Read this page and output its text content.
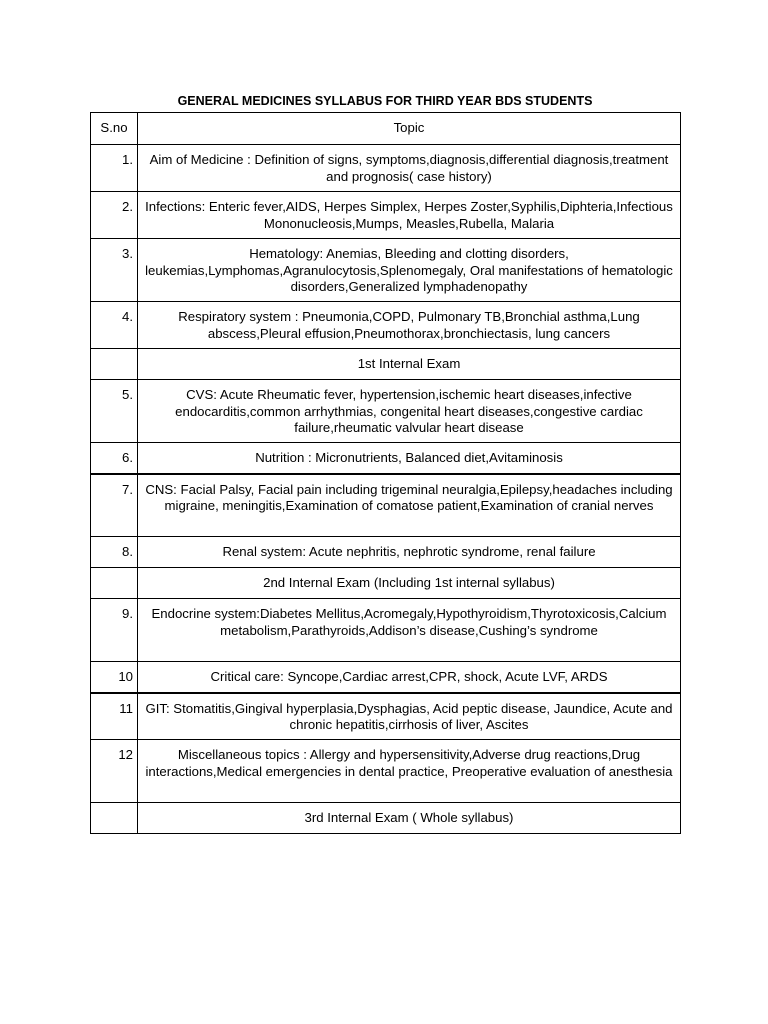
GENERAL MEDICINES SYLLABUS FOR THIRD YEAR BDS STUDENTS
S.no	Topic
1.	Aim of Medicine : Definition of signs, symptoms,diagnosis,differential diagnosis,treatment and prognosis( case history)
2.	Infections: Enteric fever,AIDS, Herpes Simplex, Herpes Zoster,Syphilis,Diphteria,Infectious Mononucleosis,Mumps, Measles,Rubella, Malaria
3.	Hematology: Anemias, Bleeding and clotting disorders, leukemias,Lymphomas,Agranulocytosis,Splenomegaly, Oral manifestations of hematologic disorders,Generalized lymphadenopathy
4.	Respiratory system : Pneumonia,COPD, Pulmonary TB,Bronchial asthma,Lung abscess,Pleural effusion,Pneumothorax,bronchiectasis, lung cancers
	1st Internal Exam
5.	CVS: Acute Rheumatic fever, hypertension,ischemic heart diseases,infective endocarditis,common arrhythmias, congenital heart diseases,congestive cardiac failure,rheumatic valvular heart disease
6.	Nutrition : Micronutrients, Balanced diet,Avitaminosis
7.	CNS: Facial Palsy, Facial pain including trigeminal neuralgia,Epilepsy,headaches including migraine, meningitis,Examination of comatose patient,Examination of cranial nerves
8.	Renal system: Acute nephritis, nephrotic syndrome, renal failure
	2nd Internal Exam (Including 1st internal syllabus)
9.	Endocrine system:Diabetes Mellitus,Acromegaly,Hypothyroidism,Thyrotoxicosis,Calcium metabolism,Parathyroids,Addison’s disease,Cushing’s syndrome
10	Critical care: Syncope,Cardiac arrest,CPR, shock, Acute LVF, ARDS
11	GIT: Stomatitis,Gingival hyperplasia,Dysphagias, Acid peptic disease, Jaundice, Acute and chronic hepatitis,cirrhosis of liver, Ascites
12	Miscellaneous topics : Allergy and hypersensitivity,Adverse drug reactions,Drug interactions,Medical emergencies in dental practice, Preoperative evaluation of anesthesia
	3rd Internal Exam ( Whole syllabus)
